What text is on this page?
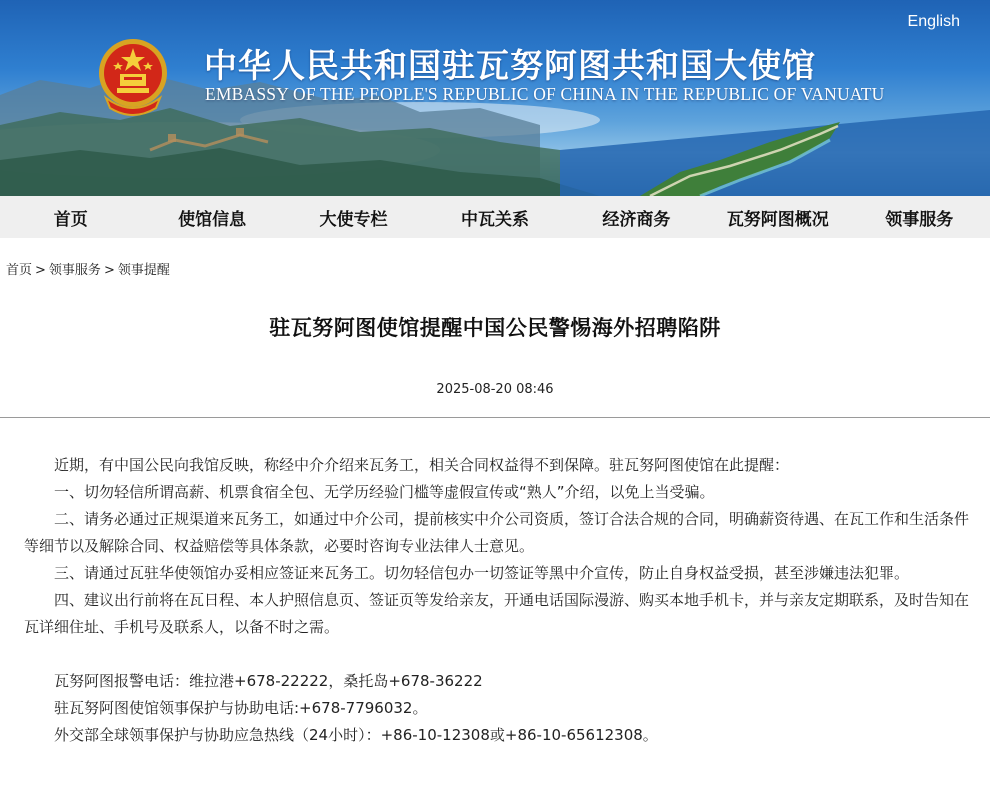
English
中华人民共和国驻瓦努阿图共和国大使馆
EMBASSY OF THE PEOPLE'S REPUBLIC OF CHINA IN THE REPUBLIC OF VANUATU
首页	使馆信息	大使专栏	中瓦关系	经济商务	瓦努阿图概况	领事服务
首页 > 领事服务 > 领事提醒
驻瓦努阿图使馆提醒中国公民警惕海外招聘陷阱
2025-08-20 08:46

近期，有中国公民向我馆反映，称经中介介绍来瓦务工，相关合同权益得不到保障。驻瓦努阿图使馆在此提醒：

一、切勿轻信所谓高薪、机票食宿全包、无学历经验门槛等虚假宣传或“熟人”介绍，以免上当受骗。

二、请务必通过正规渠道来瓦务工，如通过中介公司，提前核实中介公司资质，签订合法合规的合同，明确薪资待遇、在瓦工作和生活条件等细节以及解除合同、权益赔偿等具体条款，必要时咨询专业法律人士意见。

三、请通过瓦驻华使领馆办妥相应签证来瓦务工。切勿轻信包办一切签证等黑中介宣传，防止自身权益受损，甚至涉嫌违法犯罪。

四、建议出行前将在瓦日程、本人护照信息页、签证页等发给亲友，开通电话国际漫游、购买本地手机卡，并与亲友定期联系，及时告知在瓦详细住址、手机号及联系人，以备不时之需。

瓦努阿图报警电话：维拉港+678-22222，桑托岛+678-36222

驻瓦努阿图使馆领事保护与协助电话:+678-7796032。

外交部全球领事保护与协助应急热线（24小时）：+86-10-12308或+86-10-65612308。
